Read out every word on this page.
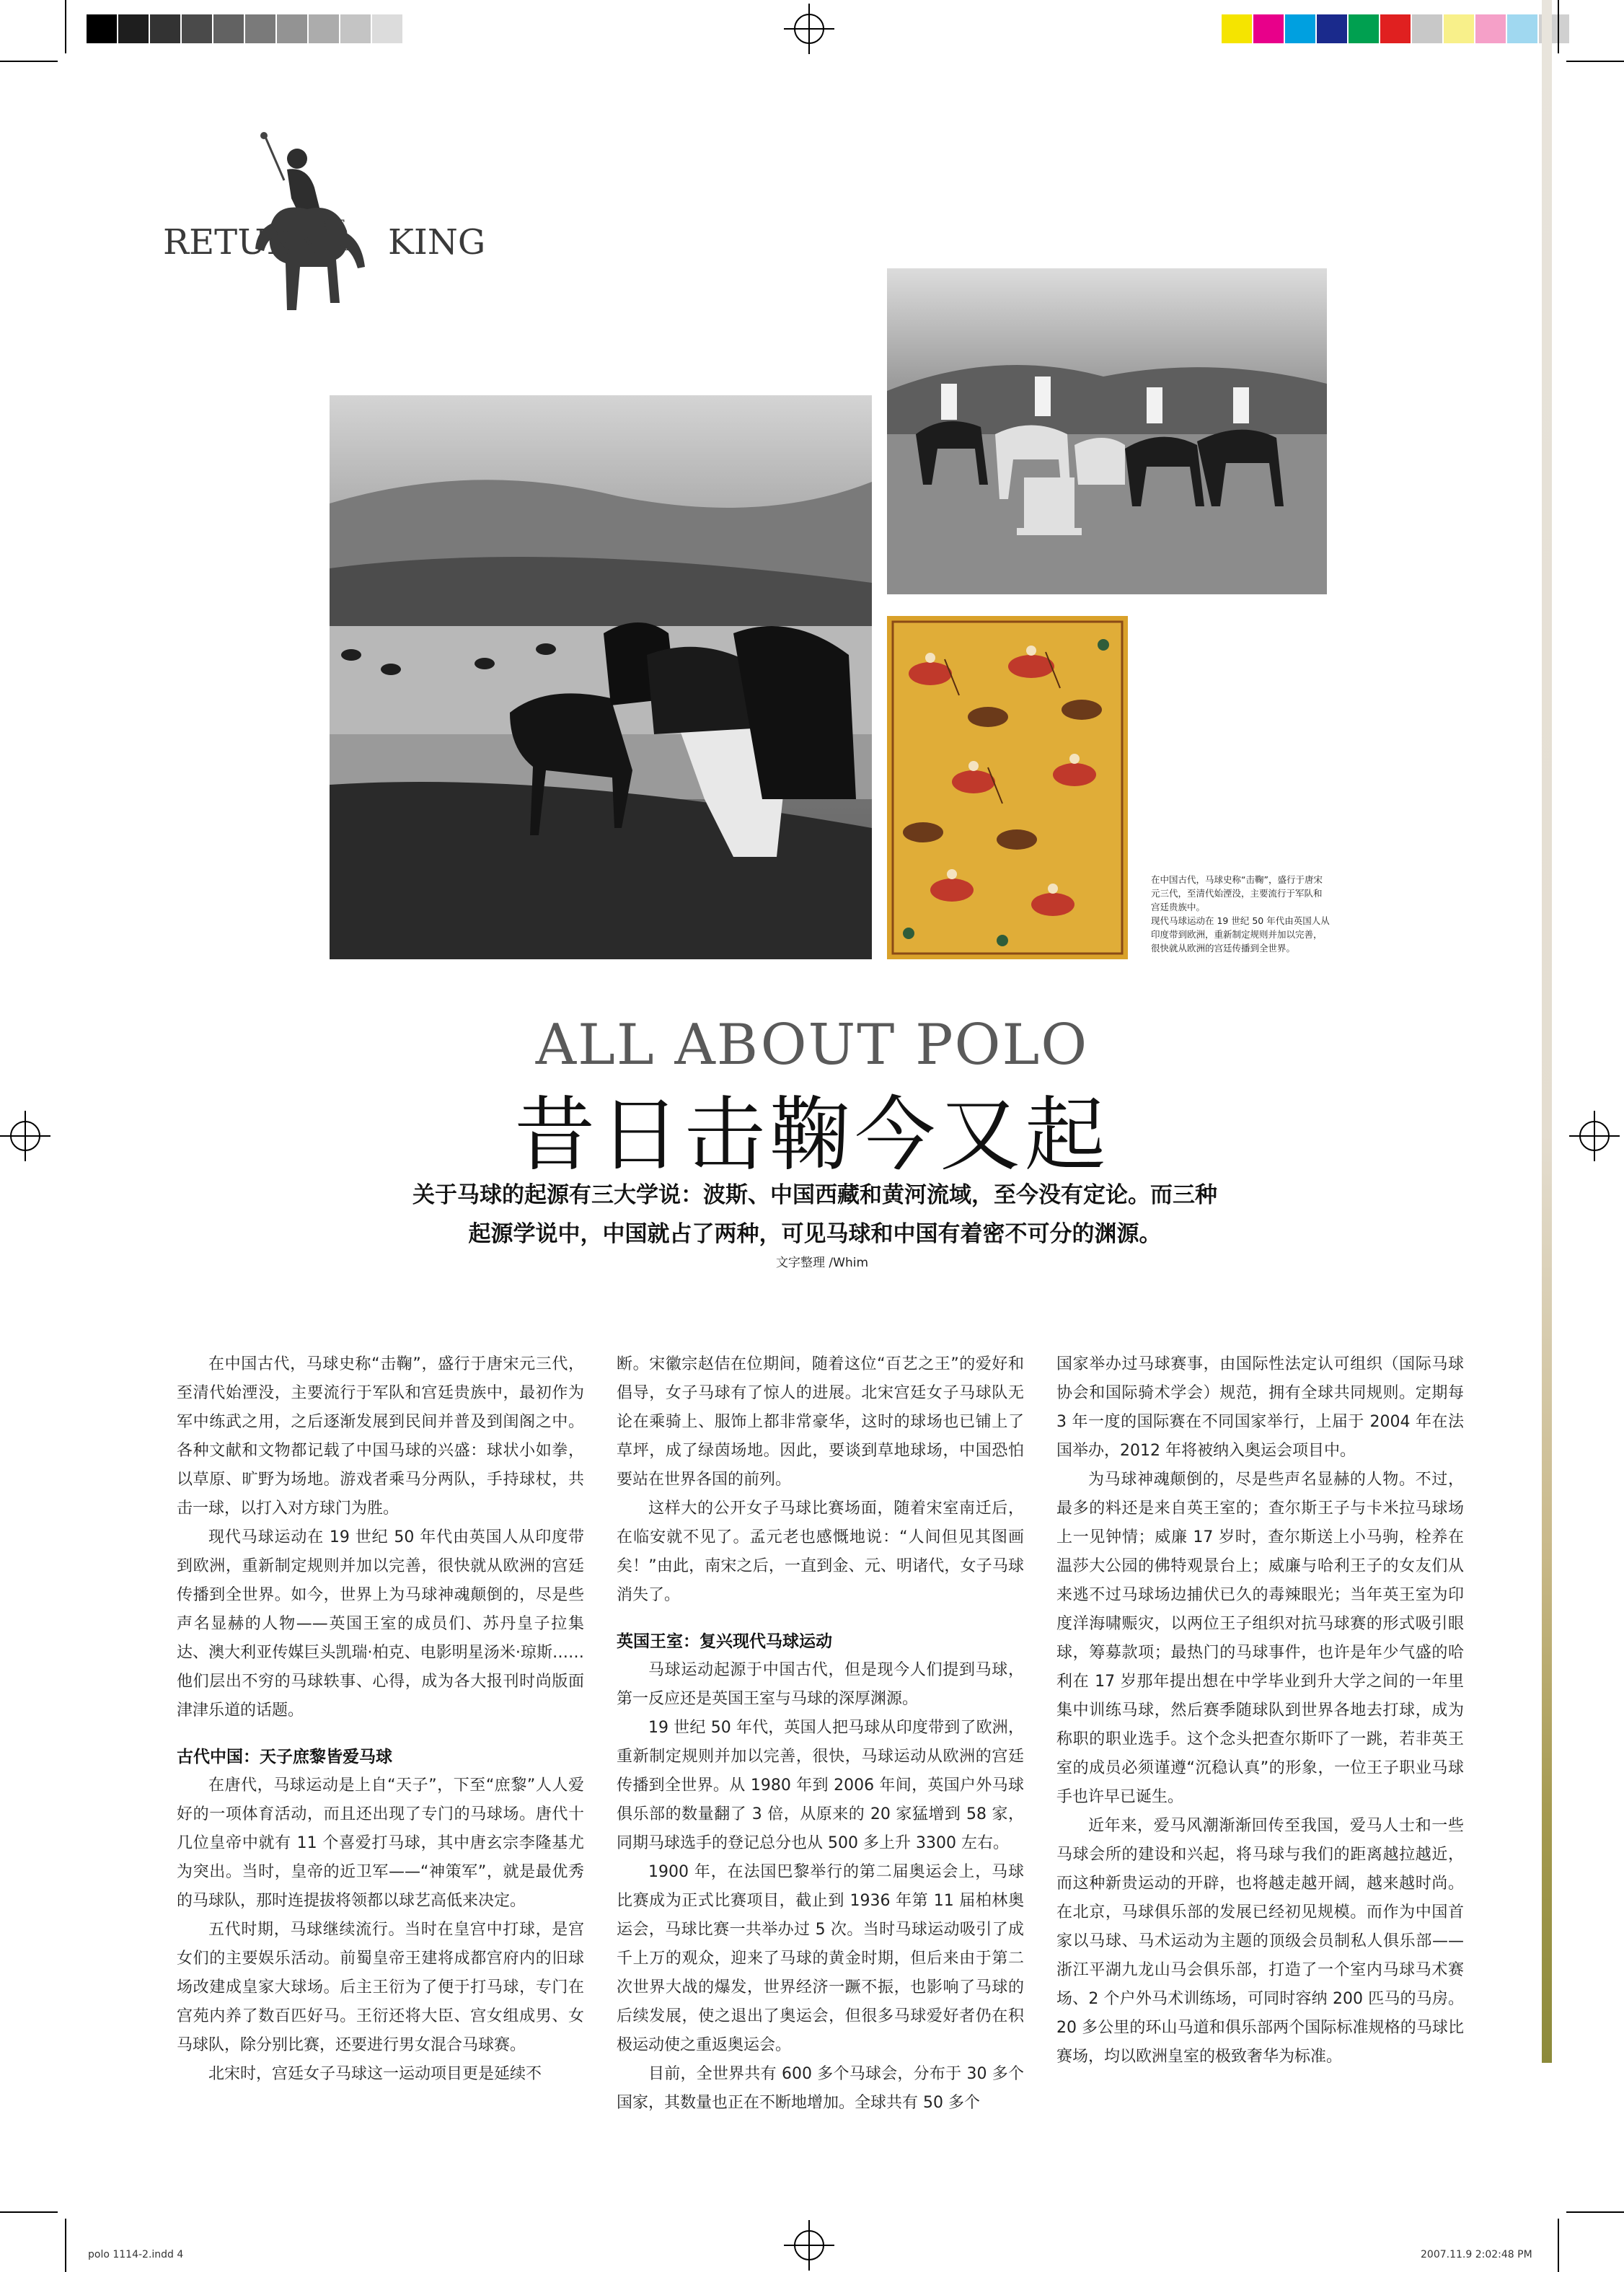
RETURN OF
THE KING

在中国古代，马球史称“击鞠”，盛行于唐宋

元三代，至清代始湮没，主要流行于军队和

宫廷贵族中。

现代马球运动在 19 世纪 50 年代由英国人从

印度带到欧洲，重新制定规则并加以完善，

很快就从欧洲的宫廷传播到全世界。

ALL ABOUT POLO
昔日击鞠今又起

关于马球的起源有三大学说：波斯、中国西藏和黄河流域，至今没有定论。而三种

起源学说中，中国就占了两种，可见马球和中国有着密不可分的渊源。

文字整理 /Whim

在中国古代，马球史称“击鞠”，盛行于唐宋元三代，至清代始湮没，主要流行于军队和宫廷贵族中，最初作为军中练武之用，之后逐渐发展到民间并普及到闺阁之中。各种文献和文物都记载了中国马球的兴盛：球状小如拳，以草原、旷野为场地。游戏者乘马分两队，手持球杖，共击一球，以打入对方球门为胜。

现代马球运动在 19 世纪 50 年代由英国人从印度带到欧洲，重新制定规则并加以完善，很快就从欧洲的宫廷传播到全世界。如今，世界上为马球神魂颠倒的，尽是些声名显赫的人物——英国王室的成员们、苏丹皇子拉集达、澳大利亚传媒巨头凯瑞·柏克、电影明星汤米·琼斯……他们层出不穷的马球轶事、心得，成为各大报刊时尚版面津津乐道的话题。

古代中国：天子庶黎皆爱马球

在唐代，马球运动是上自“天子”，下至“庶黎”人人爱好的一项体育活动，而且还出现了专门的马球场。唐代十几位皇帝中就有 11 个喜爱打马球，其中唐玄宗李隆基尤为突出。当时，皇帝的近卫军——“神策军”，就是最优秀的马球队，那时连提拔将领都以球艺高低来决定。

五代时期，马球继续流行。当时在皇宫中打球，是宫女们的主要娱乐活动。前蜀皇帝王建将成都宫府内的旧球场改建成皇家大球场。后主王衍为了便于打马球，专门在宫苑内养了数百匹好马。王衍还将大臣、宫女组成男、女马球队，除分别比赛，还要进行男女混合马球赛。

北宋时，宫廷女子马球这一运动项目更是延续不

断。宋徽宗赵佶在位期间，随着这位“百艺之王”的爱好和倡导，女子马球有了惊人的进展。北宋宫廷女子马球队无论在乘骑上、服饰上都非常豪华，这时的球场也已铺上了草坪，成了绿茵场地。因此，要谈到草地球场，中国恐怕要站在世界各国的前列。

这样大的公开女子马球比赛场面，随着宋室南迁后，在临安就不见了。孟元老也感慨地说：“人间但见其图画矣！”由此，南宋之后，一直到金、元、明诸代，女子马球消失了。

英国王室：复兴现代马球运动

马球运动起源于中国古代，但是现今人们提到马球，第一反应还是英国王室与马球的深厚渊源。

19 世纪 50 年代，英国人把马球从印度带到了欧洲，重新制定规则并加以完善，很快，马球运动从欧洲的宫廷传播到全世界。从 1980 年到 2006 年间，英国户外马球俱乐部的数量翻了 3 倍，从原来的 20 家猛增到 58 家，同期马球选手的登记总分也从 500 多上升 3300 左右。

1900 年，在法国巴黎举行的第二届奥运会上，马球比赛成为正式比赛项目，截止到 1936 年第 11 届柏林奥运会，马球比赛一共举办过 5 次。当时马球运动吸引了成千上万的观众，迎来了马球的黄金时期，但后来由于第二次世界大战的爆发，世界经济一蹶不振，也影响了马球的后续发展，使之退出了奥运会，但很多马球爱好者仍在积极运动使之重返奥运会。

目前，全世界共有 600 多个马球会，分布于 30 多个国家，其数量也正在不断地增加。全球共有 50 多个

国家举办过马球赛事，由国际性法定认可组织（国际马球协会和国际骑术学会）规范，拥有全球共同规则。定期每 3 年一度的国际赛在不同国家举行，上届于 2004 年在法国举办，2012 年将被纳入奥运会项目中。

为马球神魂颠倒的，尽是些声名显赫的人物。不过，最多的料还是来自英王室的；查尔斯王子与卡米拉马球场上一见钟情；威廉 17 岁时，查尔斯送上小马驹，栓养在温莎大公园的佛特观景台上；威廉与哈利王子的女友们从来逃不过马球场边捕伏已久的毒辣眼光；当年英王室为印度洋海啸赈灾，以两位王子组织对抗马球赛的形式吸引眼球，筹募款项；最热门的马球事件，也许是年少气盛的哈利在 17 岁那年提出想在中学毕业到升大学之间的一年里集中训练马球，然后赛季随球队到世界各地去打球，成为称职的职业选手。这个念头把查尔斯吓了一跳，若非英王室的成员必须谨遵“沉稳认真”的形象，一位王子职业马球手也许早已诞生。

近年来，爱马风潮渐渐回传至我国，爱马人士和一些马球会所的建设和兴起，将马球与我们的距离越拉越近，而这种新贵运动的开辟，也将越走越开阔，越来越时尚。在北京，马球俱乐部的发展已经初见规模。而作为中国首家以马球、马术运动为主题的顶级会员制私人俱乐部——浙江平湖九龙山马会俱乐部，打造了一个室内马球马术赛场、2 个户外马术训练场，可同时容纳 200 匹马的马房。20 多公里的环山马道和俱乐部两个国际标准规格的马球比赛场，均以欧洲皇室的极致奢华为标准。

polo 1114-2.indd 4	2007.11.9 2:02:48 PM
